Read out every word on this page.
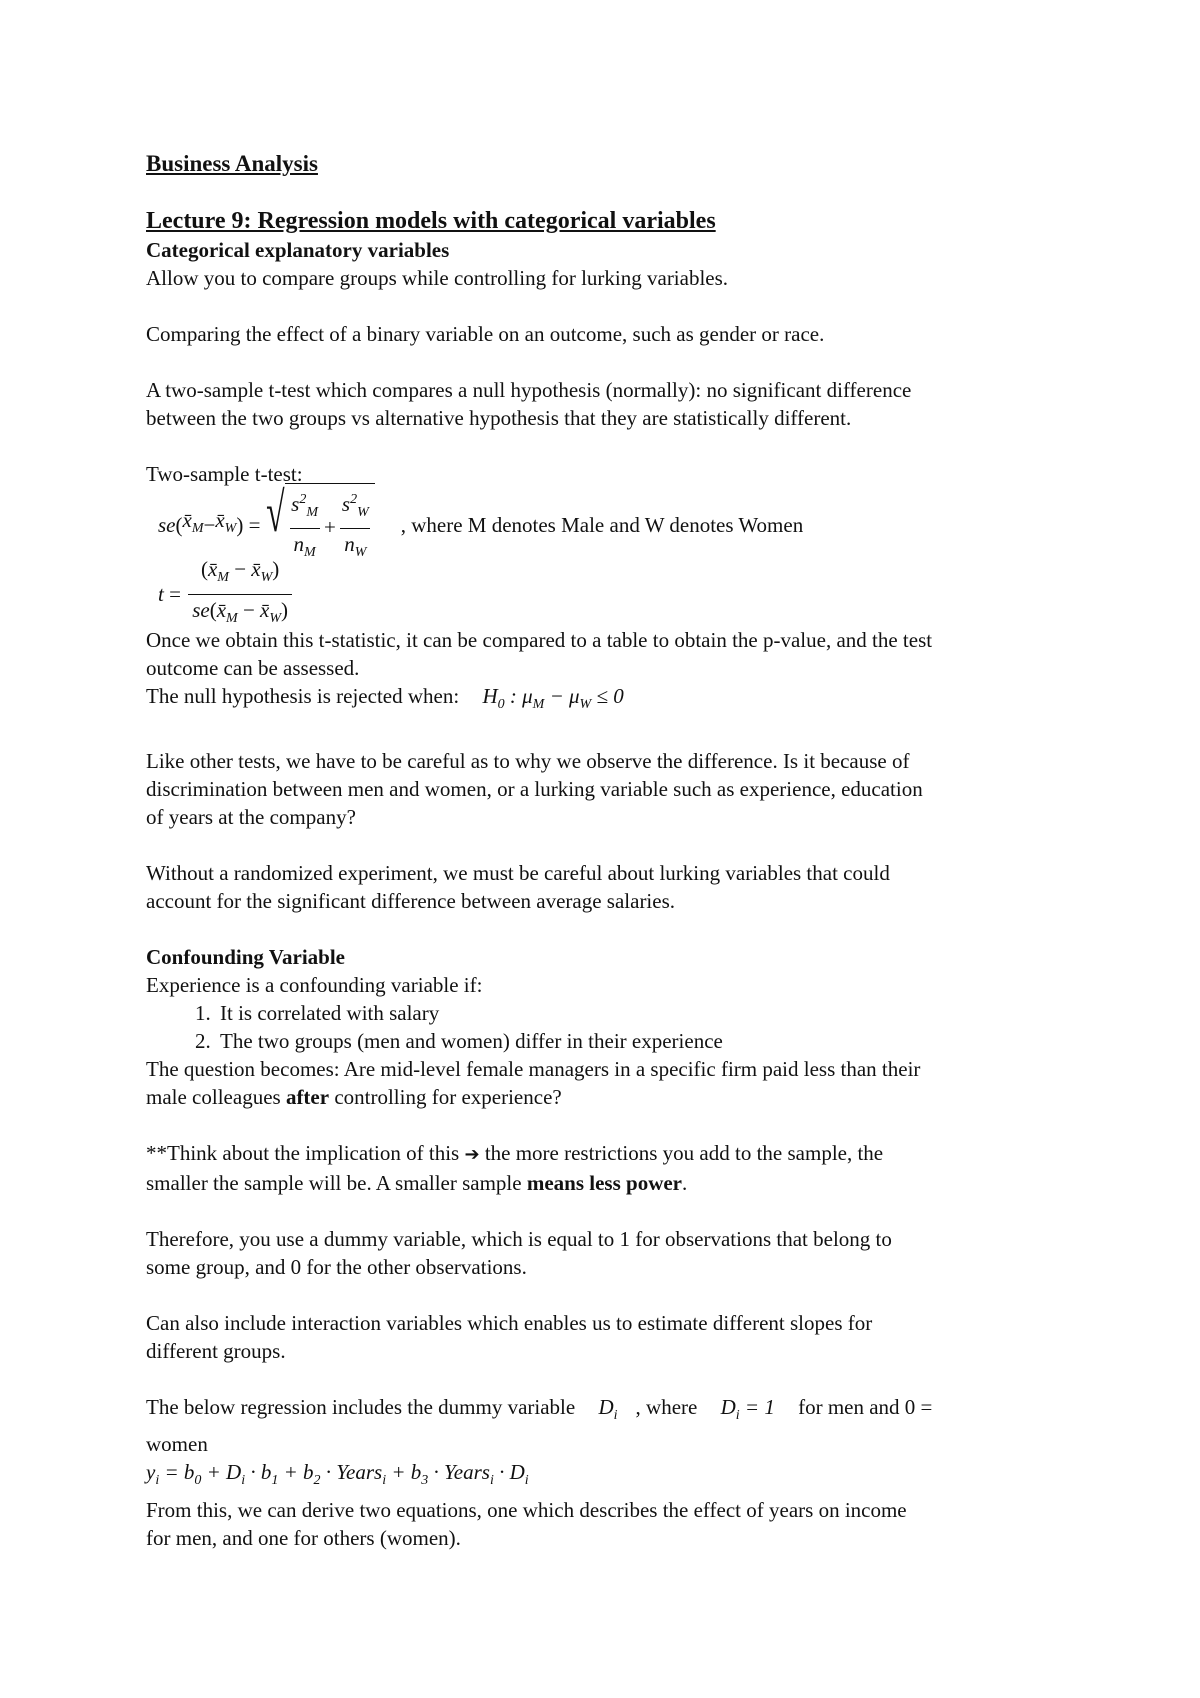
Business Analysis

Lecture 9: Regression models with categorical variables

Categorical explanatory variables

Allow you to compare groups while controlling for lurking variables.

Comparing the effect of a binary variable on an outcome, such as gender or race.

A two-sample t-test which compares a null hypothesis (normally): no significant difference

between the two groups vs alternative hypothesis that they are statistically different.

Two-sample t-test:

se ( $x̄_M$ − $x̄_W$ ) = √ $\frac{s^2_M}{n_M} + \frac{s^2_W}{n_W}$ , where M denotes Male and W denotes Women
$t = \frac{(x̄_M - x̄_W)}{se(x̄_M - x̄_W)}$

Once we obtain this t-statistic, it can be compared to a table to obtain the p-value, and the test

outcome can be assessed.

The null hypothesis is rejected when: $H_0$ : $\mu_M - \mu_W \le 0$

Like other tests, we have to be careful as to why we observe the difference. Is it because of

discrimination between men and women, or a lurking variable such as experience, education

of years at the company?

Without a randomized experiment, we must be careful about lurking variables that could

account for the significant difference between average salaries.

Confounding Variable

Experience is a confounding variable if:

1. It is correlated with salary
2. The two groups (men and women) differ in their experience

The question becomes: Are mid-level female managers in a specific firm paid less than their

male colleagues after controlling for experience?

**Think about the implication of this ➔ the more restrictions you add to the sample, the

smaller the sample will be. A smaller sample means less power.

Therefore, you use a dummy variable, which is equal to 1 for observations that belong to

some group, and 0 for the other observations.

Can also include interaction variables which enables us to estimate different slopes for

different groups.

The below regression includes the dummy variable $D_i$ , where $D_i = 1$ for men and 0 =

women

$y_i = b_0 + D_i \cdot b_1 + b_2$ · Years$_i$ + $b_3$ · Years$_i$ · $D_i$

From this, we can derive two equations, one which describes the effect of years on income

for men, and one for others (women).
